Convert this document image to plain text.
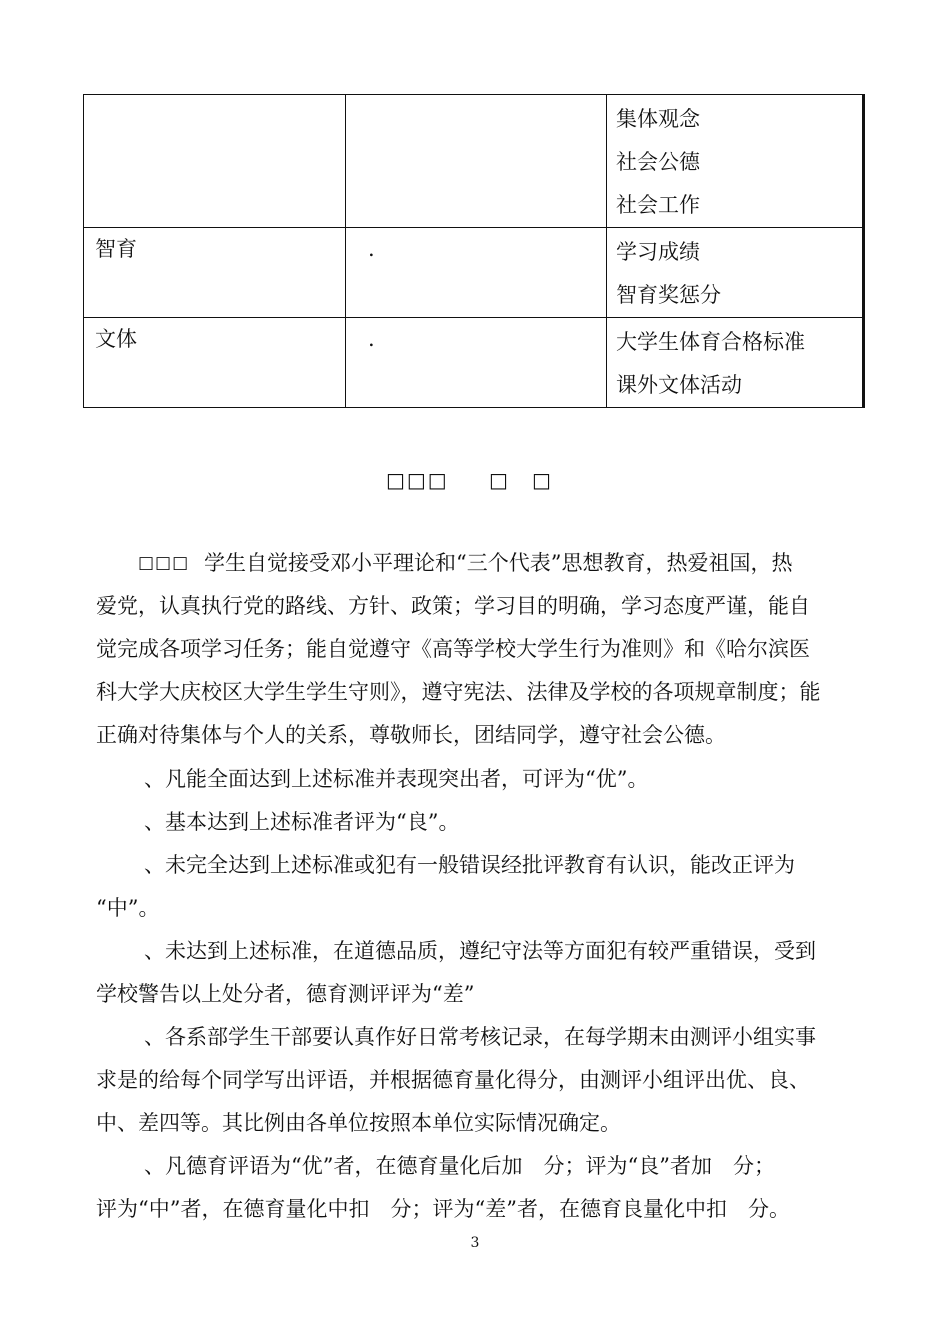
		集体观念
社会公德
社会工作

智育	.	学习成绩
智育奖惩分

文体	.	大学生体育合格标准
课外文体活动
□□□ □ □
□□□ 学生自觉接受邓小平理论和“三个代表”思想教育，热爱祖国，热
爱党，认真执行党的路线、方针、政策；学习目的明确，学习态度严谨，能自
觉完成各项学习任务；能自觉遵守《高等学校大学生行为准则》和《哈尔滨医
科大学大庆校区大学生学生守则》，遵守宪法、法律及学校的各项规章制度；能
正确对待集体与个人的关系，尊敬师长，团结同学，遵守社会公德。
、凡能全面达到上述标准并表现突出者，可评为“优”。
、基本达到上述标准者评为“良”。
、未完全达到上述标准或犯有一般错误经批评教育有认识，能改正评为
“中”。
、未达到上述标准，在道德品质，遵纪守法等方面犯有较严重错误，受到
学校警告以上处分者，德育测评评为“差”
、各系部学生干部要认真作好日常考核记录，在每学期末由测评小组实事
求是的给每个同学写出评语，并根据德育量化得分，由测评小组评出优、良、
中、差四等。其比例由各单位按照本单位实际情况确定。
、凡德育评语为“优”者，在德育量化后加　分；评为“良”者加　分；
评为“中”者，在德育量化中扣　分；评为“差”者，在德育良量化中扣　分。
3
